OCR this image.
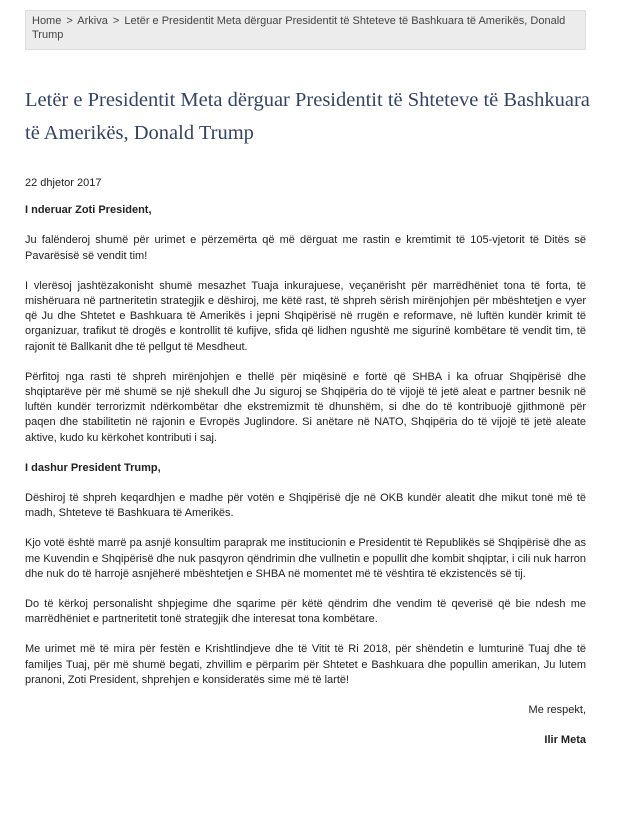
Home > Arkiva > Letër e Presidentit Meta dërguar Presidentit të Shteteve të Bashkuara të Amerikës, Donald Trump
Letër e Presidentit Meta dërguar Presidentit të Shteteve të Bashkuara të Amerikës, Donald Trump

22 dhjetor 2017

I nderuar Zoti President,

Ju falënderoj shumë për urimet e përzemërta që më dërguat me rastin e kremtimit të 105-vjetorit të Ditës së Pavarësisë së vendit tim!

I vlerësoj jashtëzakonisht shumë mesazhet Tuaja inkurajuese, veçanërisht për marrëdhëniet tona të forta, të mishëruara në partneritetin strategjik e dëshiroj, me këtë rast, të shpreh sërish mirënjohjen për mbështetjen e vyer që Ju dhe Shtetet e Bashkuara të Amerikës i jepni Shqipërisë në rrugën e reformave, në luftën kundër krimit të organizuar, trafikut të drogës e kontrollit të kufijve, sfida që lidhen ngushtë me sigurinë kombëtare të vendit tim, të rajonit të Ballkanit dhe të pellgut të Mesdheut.

Përfitoj nga rasti të shpreh mirënjohjen e thellë për miqësinë e fortë që SHBA i ka ofruar Shqipërisë dhe shqiptarëve për më shumë se një shekull dhe Ju siguroj se Shqipëria do të vijojë të jetë aleat e partner besnik në luftën kundër terrorizmit ndërkombëtar dhe ekstremizmit të dhunshëm, si dhe do të kontribuojë gjithmonë për paqen dhe stabilitetin në rajonin e Evropës Juglindore. Si anëtare në NATO, Shqipëria do të vijojë të jetë aleate aktive, kudo ku kërkohet kontributi i saj.

I dashur President Trump,

Dëshiroj të shpreh keqardhjen e madhe për votën e Shqipërisë dje në OKB kundër aleatit dhe mikut tonë më të madh, Shteteve të Bashkuara të Amerikës.

Kjo votë është marrë pa asnjë konsultim paraprak me institucionin e Presidentit të Republikës së Shqipërisë dhe as me Kuvendin e Shqipërisë dhe nuk pasqyron qëndrimin dhe vullnetin e popullit dhe kombit shqiptar, i cili nuk harron dhe nuk do të harrojë asnjëherë mbështetjen e SHBA në momentet më të vështira të ekzistencës së tij.

Do të kërkoj personalisht shpjegime dhe sqarime për këtë qëndrim dhe vendim të qeverisë që bie ndesh me marrëdhëniet e partneritetit tonë strategjik dhe interesat tona kombëtare.

Me urimet më të mira për festën e Krishtlindjeve dhe të Vitit të Ri 2018, për shëndetin e lumturinë Tuaj dhe të familjes Tuaj, për më shumë begati, zhvillim e përparim për Shtetet e Bashkuara dhe popullin amerikan, Ju lutem pranoni, Zoti President, shprehjen e konsideratës sime më të lartë!

Me respekt,

Ilir Meta
